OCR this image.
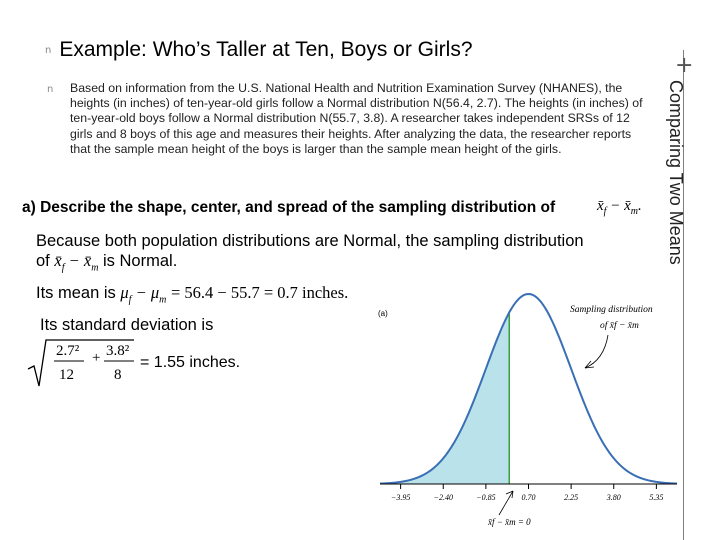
+
Comparing Two Means
n Example: Who’s Taller at Ten, Boys or Girls?
n Based on information from the U.S. National Health and Nutrition Examination Survey (NHANES), the heights (in inches) of ten-year-old girls follow a Normal distribution N(56.4, 2.7). The heights (in inches) of ten-year-old boys follow a Normal distribution N(55.7, 3.8). A researcher takes independent SRSs of 12 girls and 8 boys of this age and measures their heights. After analyzing the data, the researcher reports that the sample mean height of the boys is larger than the sample mean height of the girls.
a) Describe the shape, center, and spread of the sampling distribution of	$x̄_f$ − $x̄_m$.
Because both population distributions are Normal, the sampling distribution
of $x̄_f$ − $x̄_m$ is Normal.
Its mean is $\mu_f - \mu_m = 56.4 - 55.7 = 0.7$ inches.
Its standard deviation is
2.7² + 3.8²
12	8
= 1.55 inches.
(a)
−3.95	−2.40	−0.85	0.70	2.25	3.80	5.35
Sampling distribution
of x̄f − x̄m
x̄f − x̄m = 0
